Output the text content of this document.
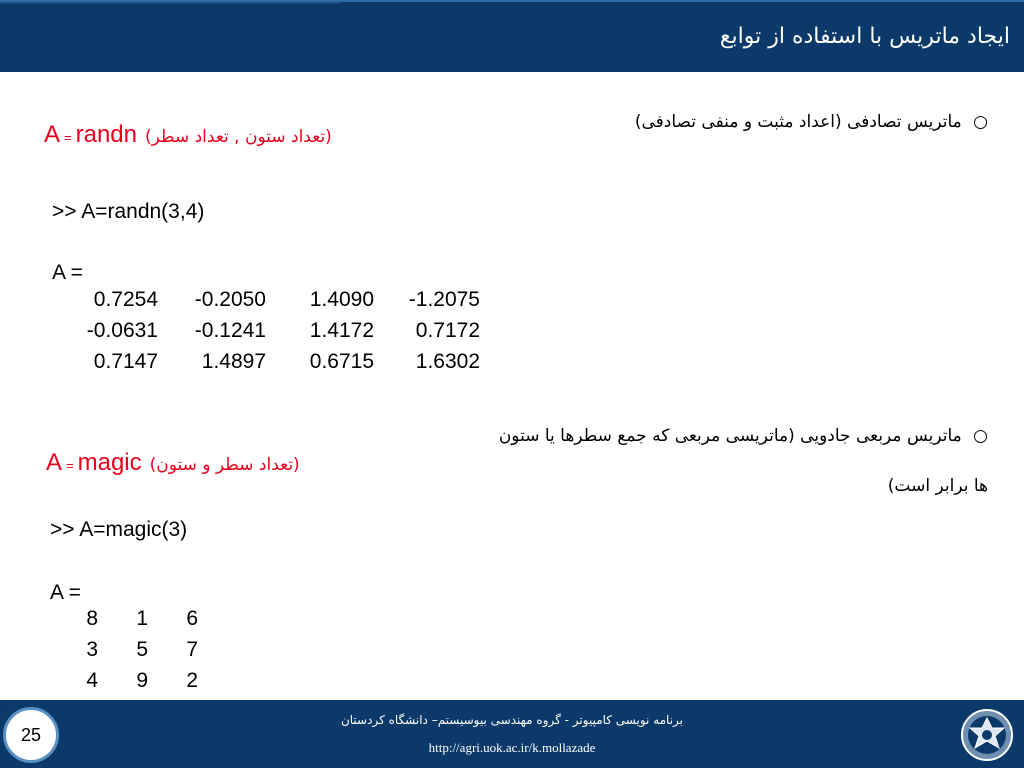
ایجاد ماتریس با استفاده از توابع
○ ماتریس تصادفی (اعداد مثبت و منفی تصادفی)
A = randn (تعداد ستون , تعداد سطر)
>> A=randn(3,4)
A =
0.7254	-0.2050	1.4090	-1.2075
-0.0631	-0.1241	1.4172	0.7172
0.7147	1.4897	0.6715	1.6302
○ ماتریس مربعی جادویی (ماتریسی مربعی که جمع سطرها یا ستون
ها برابر است)
A = magic (تعداد سطر و ستون)
>> A=magic(3)
A =
8	1	6
3	5	7
4	9	2
25
برنامه نویسی کامپیوتر - گروه مهندسی بیوسیستم– دانشگاه کردستان
http://agri.uok.ac.ir/k.mollazade
